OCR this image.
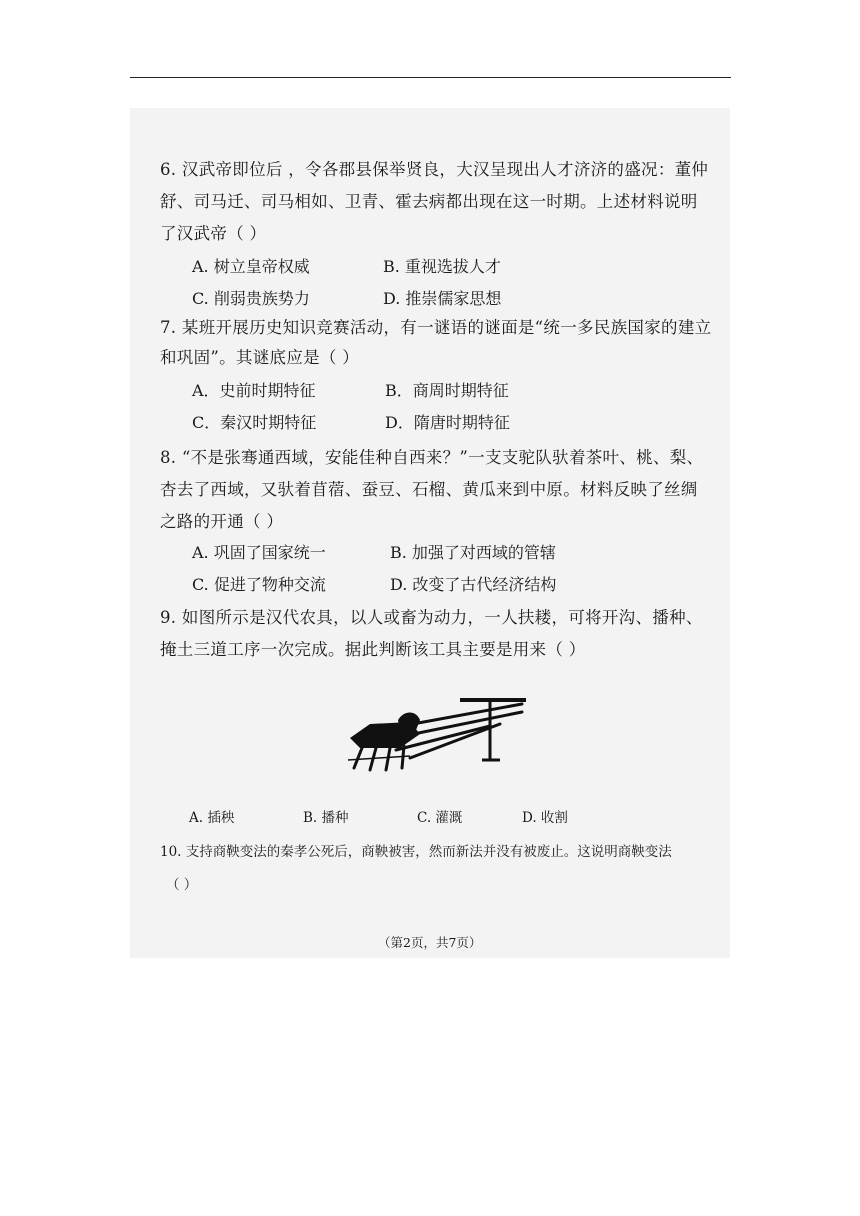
6. 汉武帝即位后 ，令各郡县保举贤良，大汉呈现出人才济济的盛况：董仲
舒、司马迁、司马相如、卫青、霍去病都出现在这一时期。上述材料说明
了汉武帝（ ）
A. 树立皇帝权威	B. 重视选拔人才
C. 削弱贵族势力	D. 推崇儒家思想
7. 某班开展历史知识竞赛活动，有一谜语的谜面是“统一多民族国家的建立
和巩固”。其谜底应是（ ）
A．史前时期特征	B．商周时期特征
C．秦汉时期特征	D．隋唐时期特征
8. “不是张骞通西域，安能佳种自西来？”一支支驼队驮着茶叶、桃、梨、
杏去了西域，又驮着苜蓿、蚕豆、石榴、黄瓜来到中原。材料反映了丝绸
之路的开通（ ）
A. 巩固了国家统一	B. 加强了对西域的管辖
C. 促进了物种交流	D. 改变了古代经济结构
9. 如图所示是汉代农具，以人或畜为动力，一人扶耧，可将开沟、播种、
掩土三道工序一次完成。据此判断该工具主要是用来（ ）
A. 插秧	B. 播种	C. 灌溉	D. 收割
10. 支持商鞅变法的秦孝公死后，商鞅被害，然而新法并没有被废止。这说明商鞅变法
（ ）
（第2页，共7页）
